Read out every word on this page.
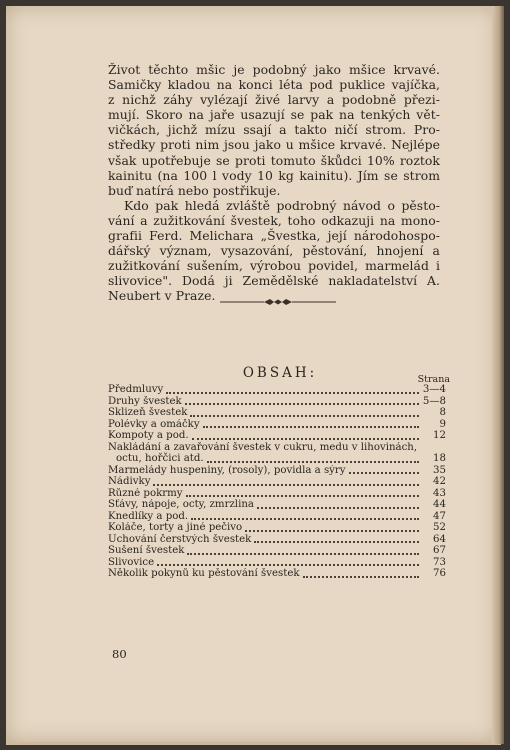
Život těchto mšic je podobný jako mšice krvavé.
Samičky kladou na konci léta pod puklice vajíčka,
z nichž záhy vylézají živé larvy a podobně přezi-
mují. Skoro na jaře usazují se pak na tenkých vět-
vičkách, jichž mízu ssají a takto ničí strom. Pro-
středky proti nim jsou jako u mšice krvavé. Nejlépe
však upotřebuje se proti tomuto škůdci 10% roztok
kainitu (na 100 l vody 10 kg kainitu). Jím se strom
buď natírá nebo postřikuje.
Kdo pak hledá zvláště podrobný návod o pěsto-
vání a zužitkování švestek, toho odkazuji na mono-
grafii Ferd. Melichara „Švestka, její národohospo-
dářský význam, vysazování, pěstování, hnojení a
zužitkování sušením, výrobou povidel, marmelád i
slivovice". Dodá ji Zemědělské nakladatelství A.
Neubert v Praze.
OBSAH:	Strana
Předmluvy	3—4
Druhy švestek	5—8
Sklizeň švestek	8
Polévky a omáčky	9
Kompoty a pod.	12
Nakládání a zavařování švestek v cukru, medu v lihovinách,
octu, hořčici atd.	18
Marmelády huspeniny, (rosoly), povidla a sýry	35
Nádivky	42
Různé pokrmy	43
Šťávy, nápoje, octy, zmrzlina	44
Knedlíky a pod.	47
Koláče, torty a jiné pečivo	52
Uchování čerstvých švestek	64
Sušení švestek	67
Slivovice	73
Několik pokynů ku pěstování švestek	76
80
